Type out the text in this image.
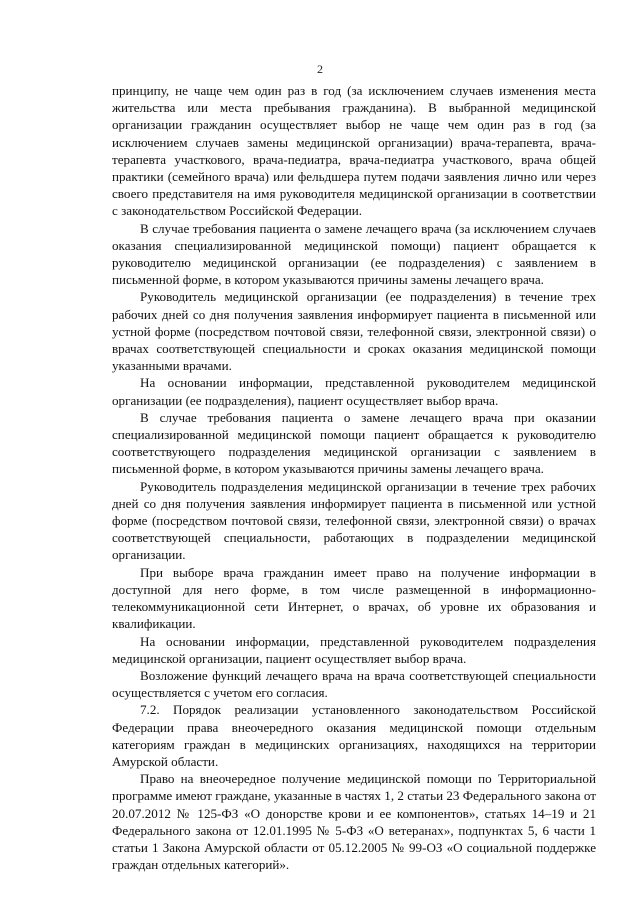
2

принципу, не чаще чем один раз в год (за исключением случаев изменения места жительства или места пребывания гражданина). В выбранной медицинской организации гражданин осуществляет выбор не чаще чем один раз в год (за исключением случаев замены медицинской организации) врача-терапевта, врача-терапевта участкового, врача-педиатра, врача-педиатра участкового, врача общей практики (семейного врача) или фельдшера путем подачи заявления лично или через своего представителя на имя руководителя медицинской организации в соответствии с законодательством Российской Федерации.

В случае требования пациента о замене лечащего врача (за исключением случаев оказания специализированной медицинской помощи) пациент обращается к руководителю медицинской организации (ее подразделения) с заявлением в письменной форме, в котором указываются причины замены лечащего врача.

Руководитель медицинской организации (ее подразделения) в течение трех рабочих дней со дня получения заявления информирует пациента в письменной или устной форме (посредством почтовой связи, телефонной связи, электронной связи) о врачах соответствующей специальности и сроках оказания медицинской помощи указанными врачами.

На основании информации, представленной руководителем медицинской организации (ее подразделения), пациент осуществляет выбор врача.

В случае требования пациента о замене лечащего врача при оказании специализированной медицинской помощи пациент обращается к руководителю соответствующего подразделения медицинской организации с заявлением в письменной форме, в котором указываются причины замены лечащего врача.

Руководитель подразделения медицинской организации в течение трех рабочих дней со дня получения заявления информирует пациента в письменной или устной форме (посредством почтовой связи, телефонной связи, электронной связи) о врачах соответствующей специальности, работающих в подразделении медицинской организации.

При выборе врача гражданин имеет право на получение информации в доступной для него форме, в том числе размещенной в информационно-телекоммуникационной сети Интернет, о врачах, об уровне их образования и квалификации.

На основании информации, представленной руководителем подразделения медицинской организации, пациент осуществляет выбор врача.

Возложение функций лечащего врача на врача соответствующей специальности осуществляется с учетом его согласия.

7.2. Порядок реализации установленного законодательством Российской Федерации права внеочередного оказания медицинской помощи отдельным категориям граждан в медицинских организациях, находящихся на территории Амурской области.

Право на внеочередное получение медицинской помощи по Территориальной программе имеют граждане, указанные в частях 1, 2 статьи 23 Федерального закона от 20.07.2012 № 125-ФЗ «О донорстве крови и ее компонентов», статьях 14–19 и 21 Федерального закона от 12.01.1995 № 5-ФЗ «О ветеранах», подпунктах 5, 6 части 1 статьи 1 Закона Амурской области от 05.12.2005 № 99-ОЗ «О социальной поддержке граждан отдельных категорий».
